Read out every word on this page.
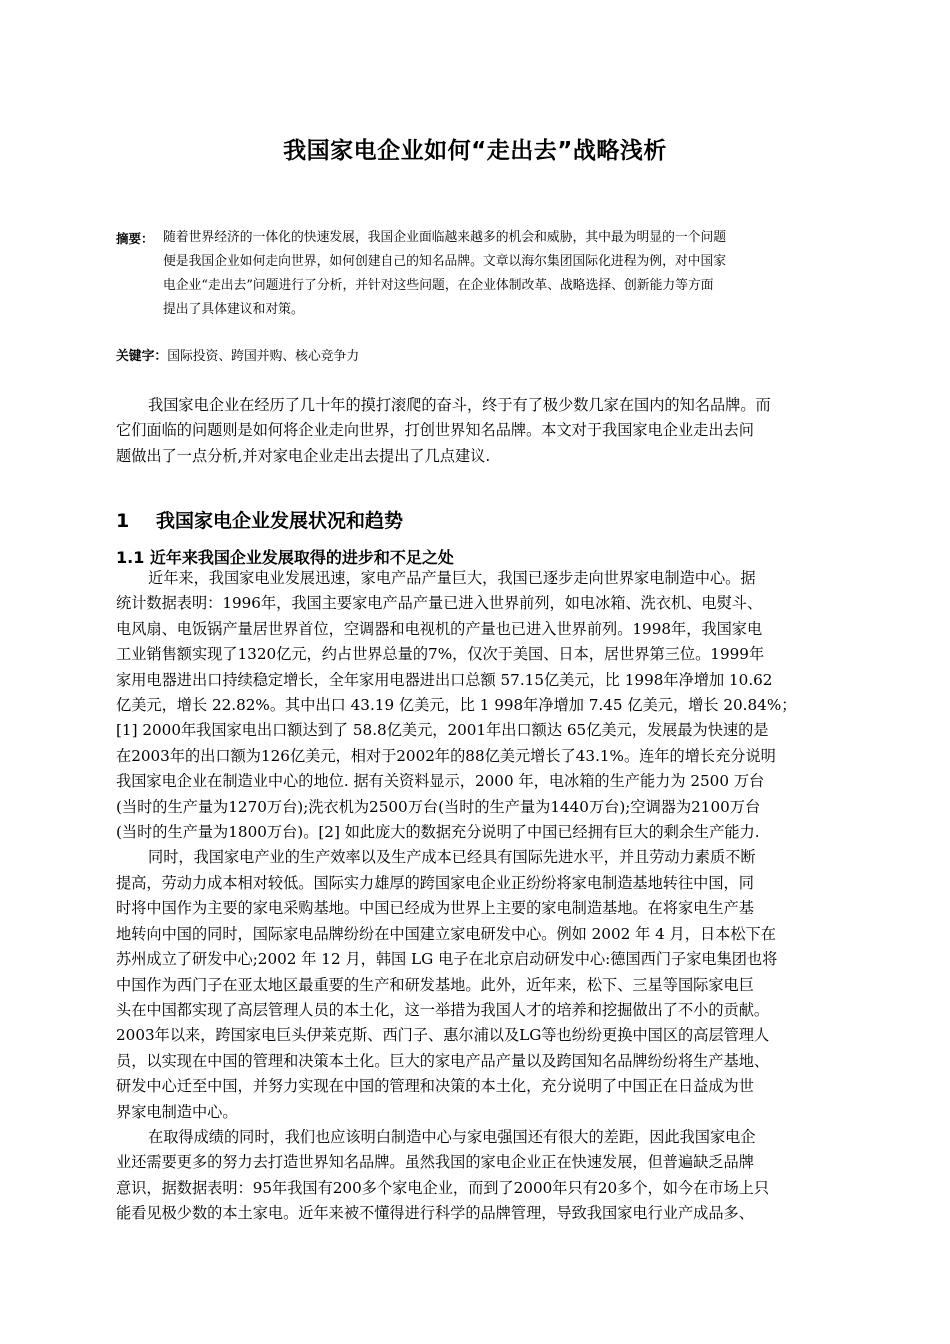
我国家电企业如何“走出去”战略浅析
摘要： 随着世界经济的一体化的快速发展，我国企业面临越来越多的机会和威胁，其中最为明显的一个问题
便是我国企业如何走向世界，如何创建自己的知名品牌。文章以海尔集团国际化进程为例，对中国家
电企业“走出去”问题进行了分析，并针对这些问题，在企业体制改革、战略选择、创新能力等方面
提出了具体建议和对策。
关键字：国际投资、跨国并购、核心竞争力
我国家电企业在经历了几十年的摸打滚爬的奋斗，终于有了极少数几家在国内的知名品牌。而
它们面临的问题则是如何将企业走向世界，打创世界知名品牌。本文对于我国家电企业走出去问
题做出了一点分析,并对家电企业走出去提出了几点建议.
1 我国家电企业发展状况和趋势
1.1 近年来我国企业发展取得的进步和不足之处
近年来，我国家电业发展迅速，家电产品产量巨大，我国已逐步走向世界家电制造中心。据
统计数据表明：1996年，我国主要家电产品产量已进入世界前列，如电冰箱、洗衣机、电熨斗、
电风扇、电饭锅产量居世界首位，空调器和电视机的产量也已进入世界前列。1998年，我国家电
工业销售额实现了1320亿元，约占世界总量的7%，仅次于美国、日本，居世界第三位。1999年
家用电器进出口持续稳定增长，全年家用电器进出口总额 57.15亿美元，比 1998年净增加 10.62
亿美元，增长 22.82%。其中出口 43.19 亿美元，比 1 998年净增加 7.45 亿美元，增长 20.84%；
[1] 2000年我国家电出口额达到了 58.8亿美元，2001年出口额达 65亿美元，发展最为快速的是
在2003年的出口额为126亿美元，相对于2002年的88亿美元增长了43.1%。连年的增长充分说明
我国家电企业在制造业中心的地位. 据有关资料显示，2000 年，电冰箱的生产能力为 2500 万台
(当时的生产量为1270万台);洗衣机为2500万台(当时的生产量为1440万台);空调器为2100万台
(当时的生产量为1800万台)。[2] 如此庞大的数据充分说明了中国已经拥有巨大的剩余生产能力.
同时，我国家电产业的生产效率以及生产成本已经具有国际先进水平，并且劳动力素质不断
提高，劳动力成本相对较低。国际实力雄厚的跨国家电企业正纷纷将家电制造基地转往中国，同
时将中国作为主要的家电采购基地。中国已经成为世界上主要的家电制造基地。在将家电生产基
地转向中国的同时，国际家电品牌纷纷在中国建立家电研发中心。例如 2002 年 4 月，日本松下在
苏州成立了研发中心;2002 年 12 月，韩国 LG 电子在北京启动研发中心:德国西门子家电集团也将
中国作为西门子在亚太地区最重要的生产和研发基地。此外，近年来，松下、三星等国际家电巨
头在中国都实现了高层管理人员的本土化，这一举措为我国人才的培养和挖掘做出了不小的贡献。
2003年以来，跨国家电巨头伊莱克斯、西门子、惠尔浦以及LG等也纷纷更换中国区的高层管理人
员，以实现在中国的管理和决策本土化。巨大的家电产品产量以及跨国知名品牌纷纷将生产基地、
研发中心迁至中国，并努力实现在中国的管理和决策的本土化，充分说明了中国正在日益成为世
界家电制造中心。
在取得成绩的同时，我们也应该明白制造中心与家电强国还有很大的差距，因此我国家电企
业还需要更多的努力去打造世界知名品牌。虽然我国的家电企业正在快速发展，但普遍缺乏品牌
意识，据数据表明：95年我国有200多个家电企业，而到了2000年只有20多个，如今在市场上只
能看见极少数的本土家电。近年来被不懂得进行科学的品牌管理，导致我国家电行业产成品多、
